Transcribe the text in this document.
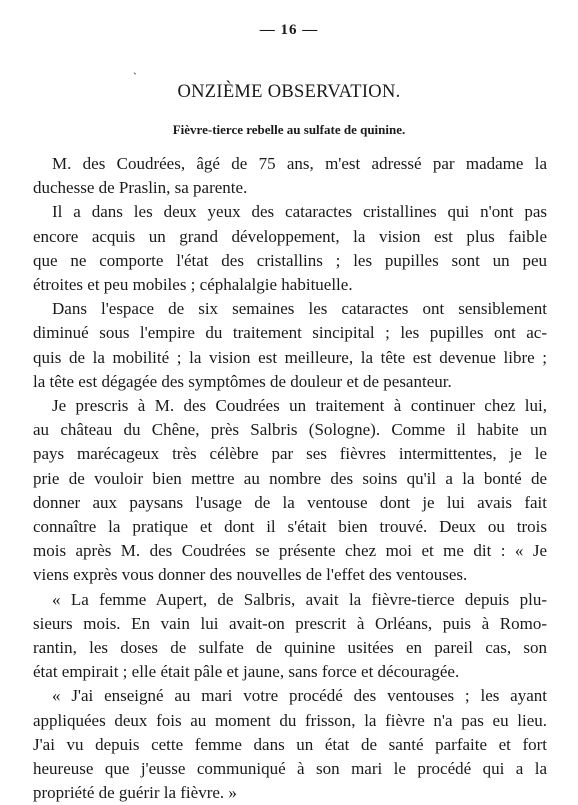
— 16 —
`
ONZIÈME OBSERVATION.
Fièvre-tierce rebelle au sulfate de quinine.

M. des Coudrées, âgé de 75 ans, m'est adressé par madame la
duchesse de Praslin, sa parente.

Il a dans les deux yeux des cataractes cristallines qui n'ont pas
encore acquis un grand développement, la vision est plus faible
que ne comporte l'état des cristallins ; les pupilles sont un peu
étroites et peu mobiles ; céphalalgie habituelle.

Dans l'espace de six semaines les cataractes ont sensiblement
diminué sous l'empire du traitement sincipital ; les pupilles ont ac-
quis de la mobilité ; la vision est meilleure, la tête est devenue libre ;
la tête est dégagée des symptômes de douleur et de pesanteur.

Je prescris à M. des Coudrées un traitement à continuer chez lui,
au château du Chêne, près Salbris (Sologne). Comme il habite un
pays marécageux très célèbre par ses fièvres intermittentes, je le
prie de vouloir bien mettre au nombre des soins qu'il a la bonté de
donner aux paysans l'usage de la ventouse dont je lui avais fait
connaître la pratique et dont il s'était bien trouvé. Deux ou trois
mois après M. des Coudrées se présente chez moi et me dit : « Je
viens exprès vous donner des nouvelles de l'effet des ventouses.

« La femme Aupert, de Salbris, avait la fièvre-tierce depuis plu-
sieurs mois. En vain lui avait-on prescrit à Orléans, puis à Romo-
rantin, les doses de sulfate de quinine usitées en pareil cas, son
état empirait ; elle était pâle et jaune, sans force et découragée.

« J'ai enseigné au mari votre procédé des ventouses ; les ayant
appliquées deux fois au moment du frisson, la fièvre n'a pas eu lieu.
J'ai vu depuis cette femme dans un état de santé parfaite et fort
heureuse que j'eusse communiqué à son mari le procédé qui a la
propriété de guérir la fièvre. »
